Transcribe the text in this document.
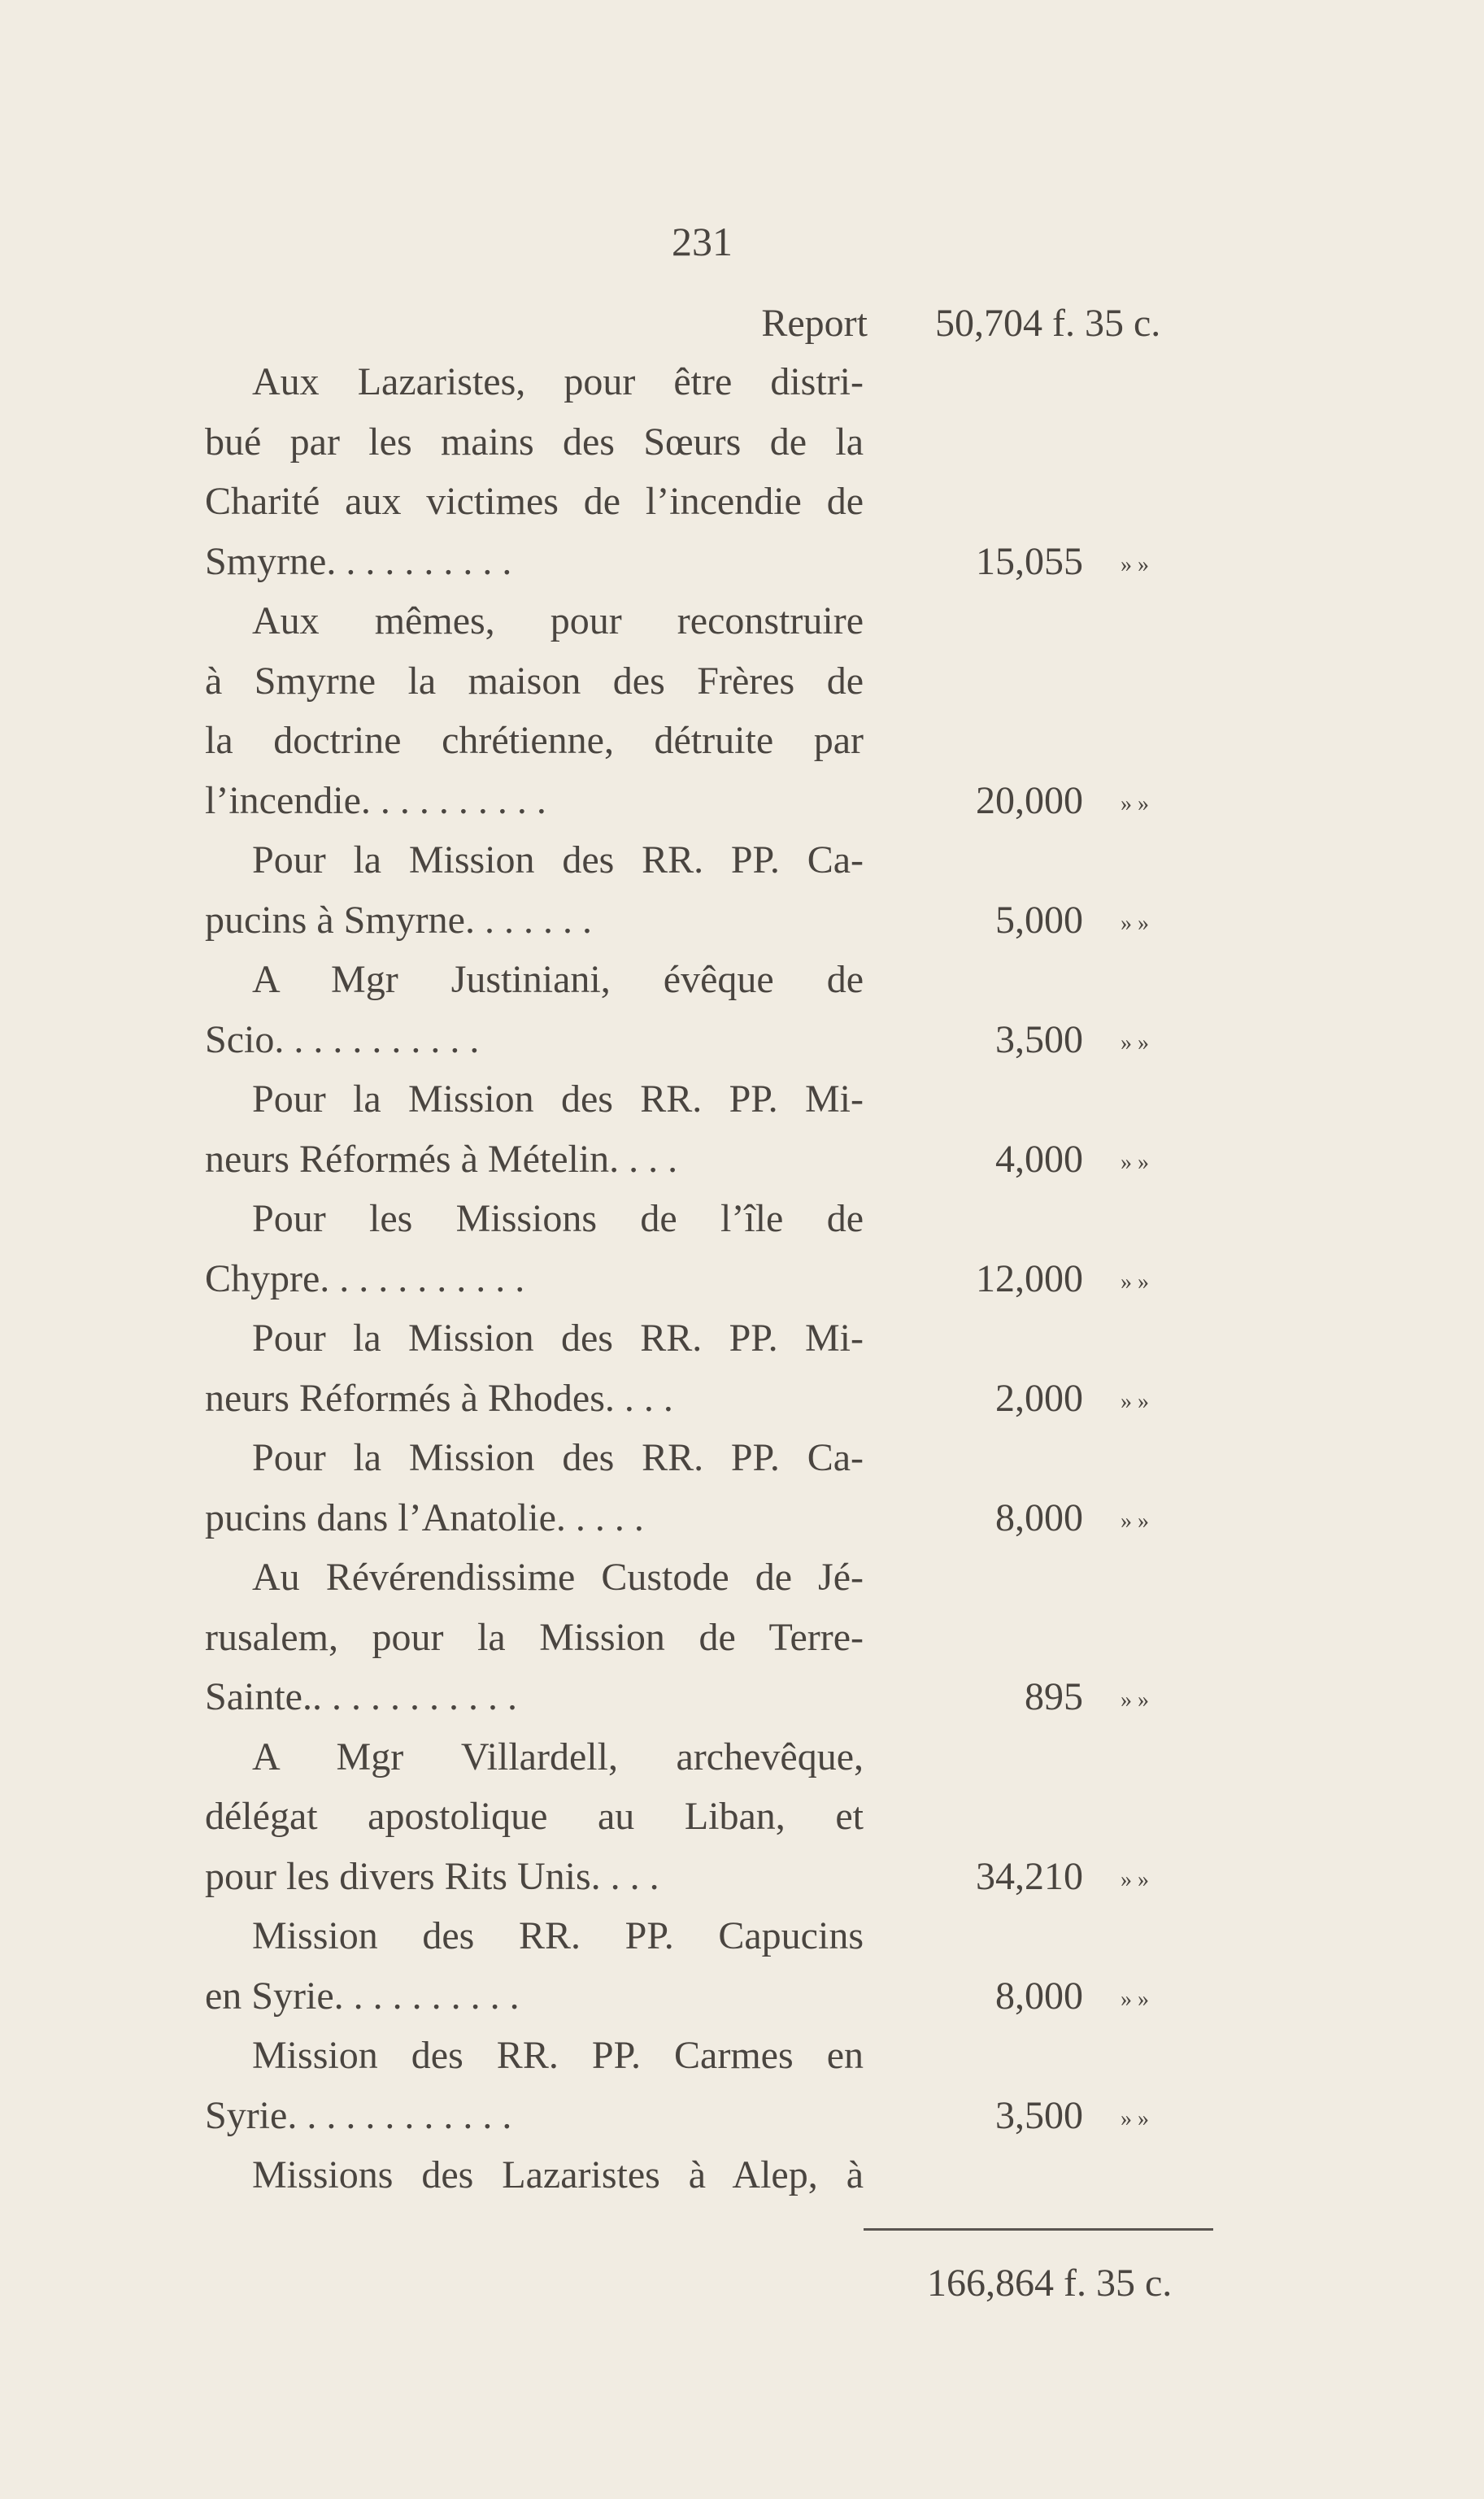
231
Report 50,704 f. 35 c.
Aux Lazaristes, pour être distri-
bué par les mains des Sœurs de la
Charité aux victimes de l’incendie de
Smyrne. . . . . . . . . .	15,055 » »
Aux mêmes, pour reconstruire
à Smyrne la maison des Frères de
la doctrine chrétienne, détruite par
l’incendie. . . . . . . . . .	20,000 » »
Pour la Mission des RR. PP. Ca-
pucins à Smyrne. . . . . . .	5,000 » »
A Mgr Justiniani, évêque de
Scio. . . . . . . . . . .	3,500 » »
Pour la Mission des RR. PP. Mi-
neurs Réformés à Mételin. . . .	4,000 » »
Pour les Missions de l’île de
Chypre. . . . . . . . . . .	12,000 » »
Pour la Mission des RR. PP. Mi-
neurs Réformés à Rhodes. . . .	2,000 » »
Pour la Mission des RR. PP. Ca-
pucins dans l’Anatolie. . . . .	8,000 » »
Au Révérendissime Custode de Jé-
rusalem, pour la Mission de Terre-
Sainte.. . . . . . . . . . .	895 » »
A Mgr Villardell, archevêque,
délégat apostolique au Liban, et
pour les divers Rits Unis. . . .	34,210 » »
Mission des RR. PP. Capucins
en Syrie. . . . . . . . . .	8,000 » »
Mission des RR. PP. Carmes en
Syrie. . . . . . . . . . . .	3,500 » »
Missions des Lazaristes à Alep, à
166,864 f. 35 c.
